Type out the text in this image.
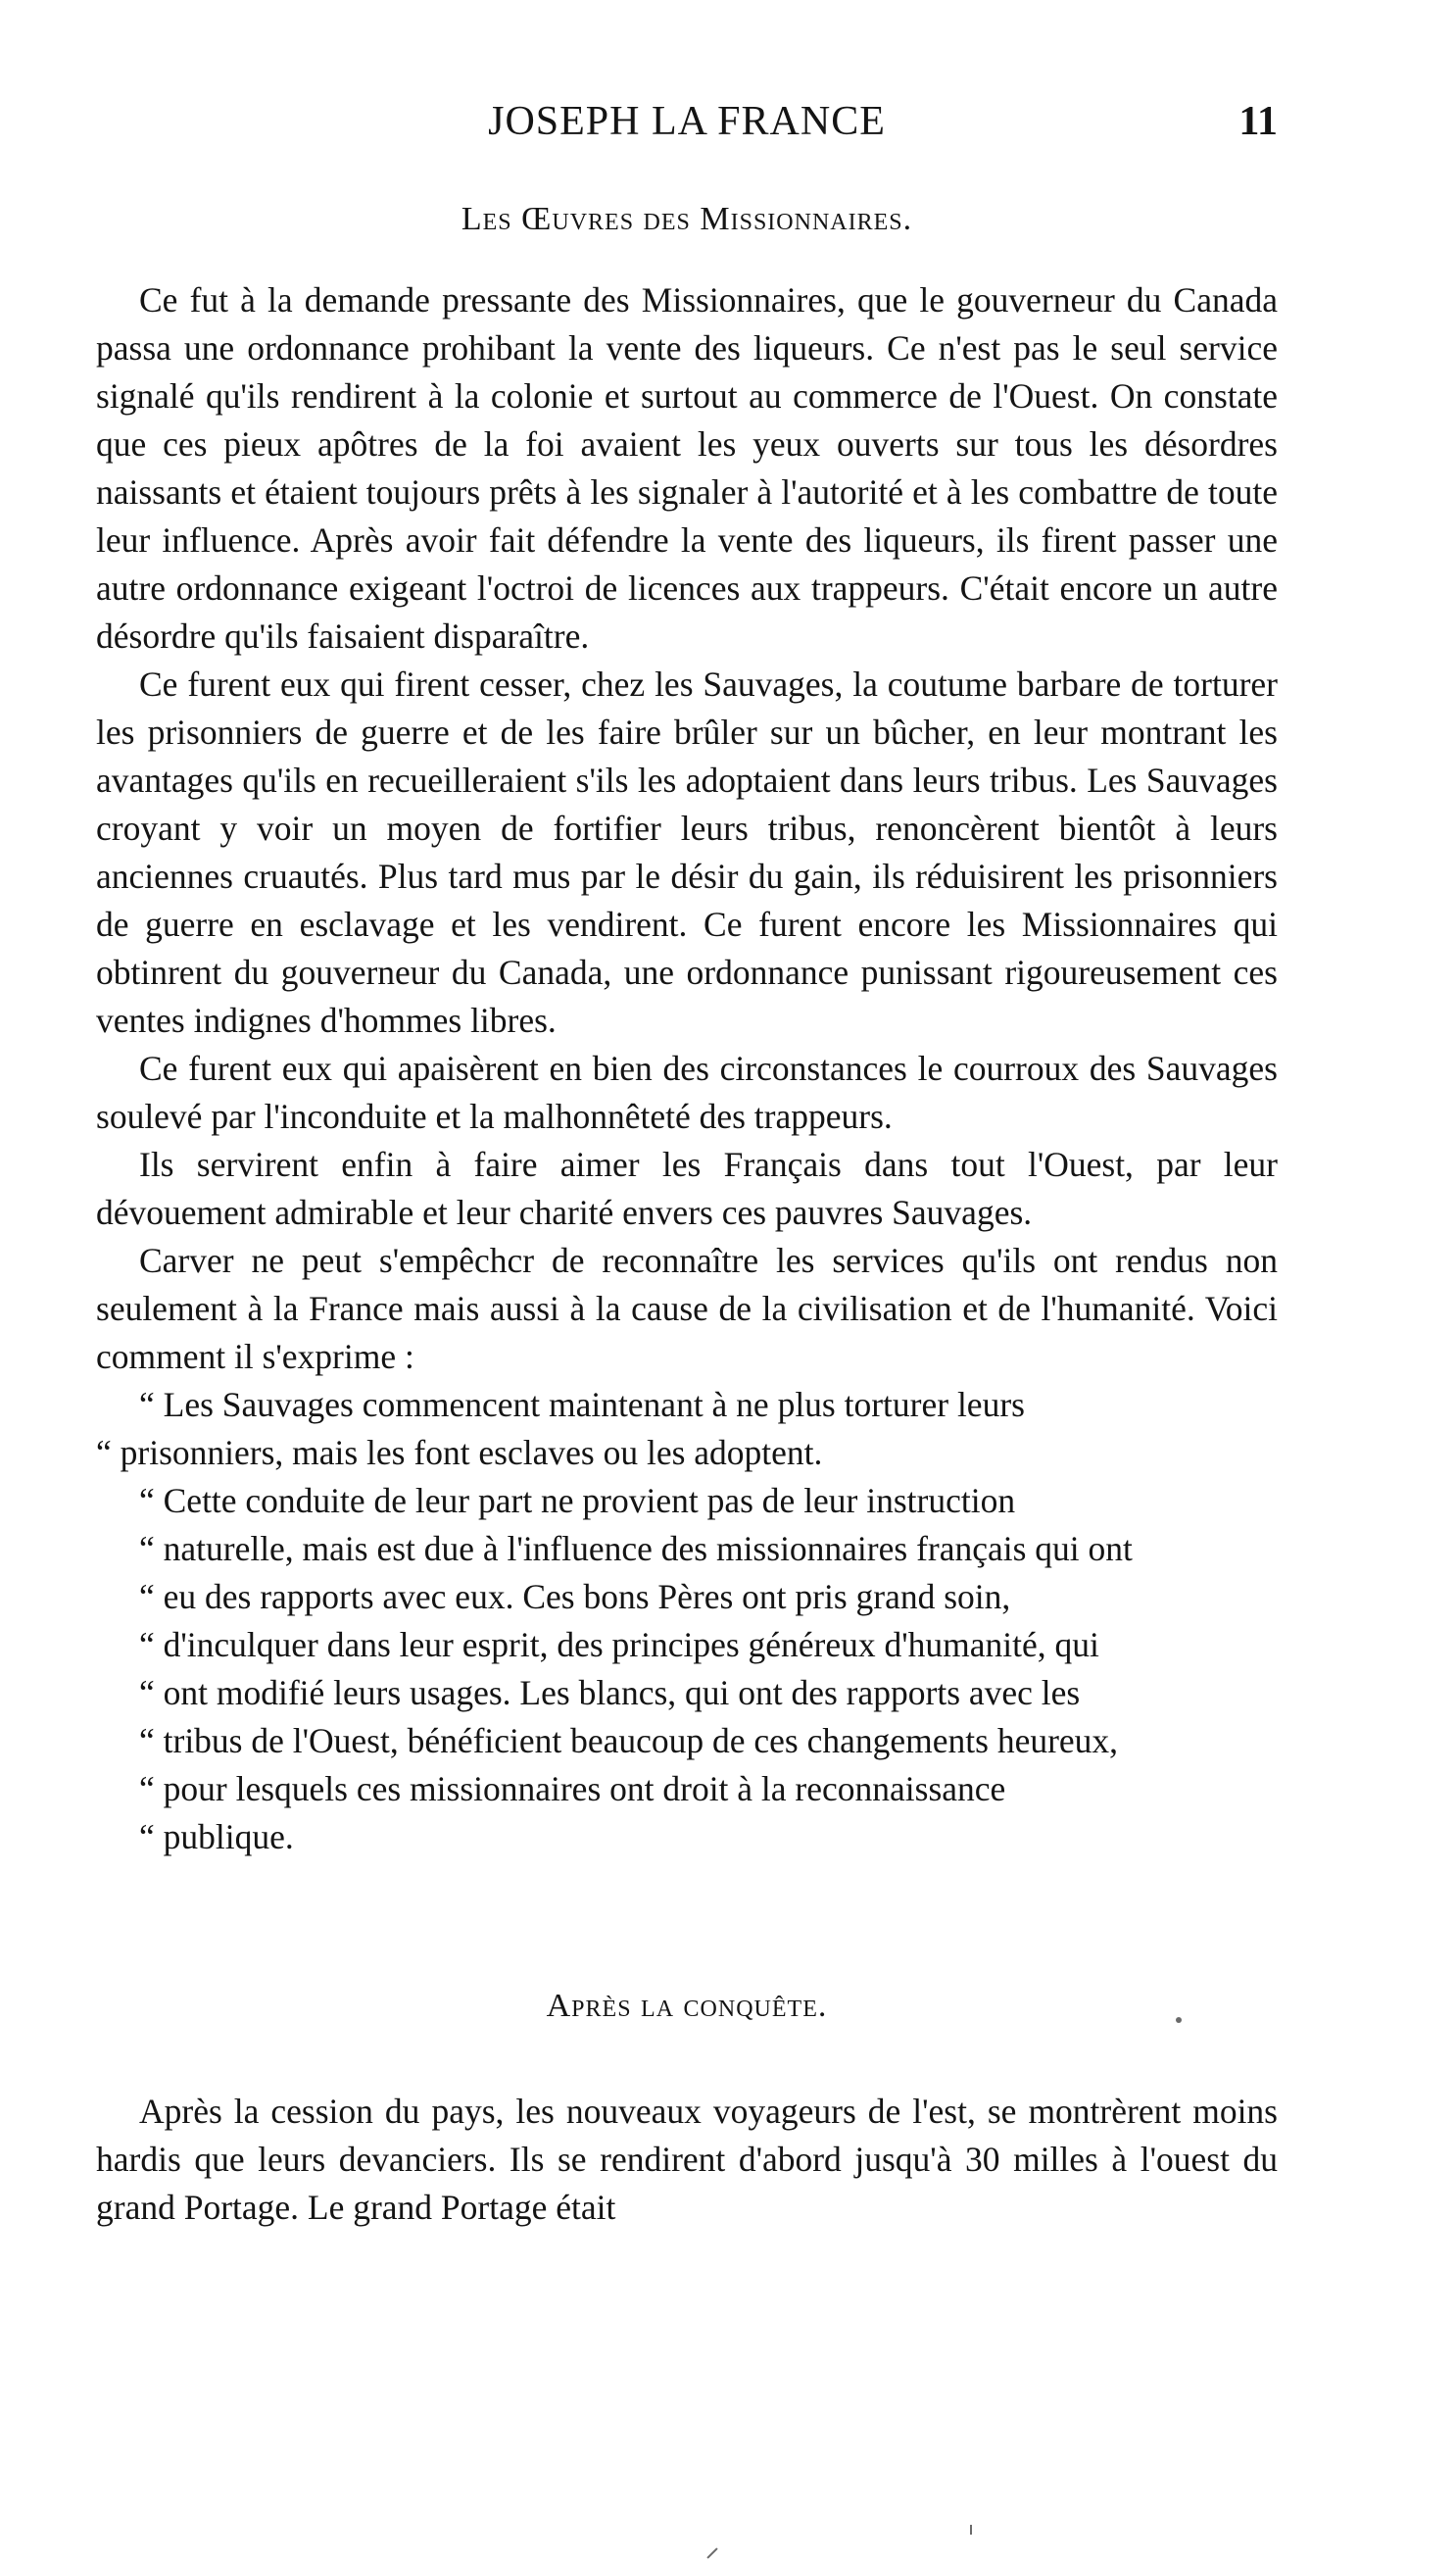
JOSEPH LA FRANCE	11
Les Œuvres des Missionnaires.

Ce fut à la demande pressante des Missionnaires, que le gouverneur du Canada passa une ordonnance prohibant la vente des liqueurs. Ce n'est pas le seul service signalé qu'ils rendirent à la colonie et surtout au commerce de l'Ouest. On constate que ces pieux apôtres de la foi avaient les yeux ouverts sur tous les désordres naissants et étaient toujours prêts à les signaler à l'autorité et à les combattre de toute leur influence. Après avoir fait défendre la vente des liqueurs, ils firent passer une autre ordonnance exigeant l'octroi de licences aux trappeurs. C'était encore un autre désordre qu'ils faisaient disparaître.

Ce furent eux qui firent cesser, chez les Sauvages, la coutume barbare de torturer les prisonniers de guerre et de les faire brûler sur un bûcher, en leur montrant les avantages qu'ils en recueilleraient s'ils les adoptaient dans leurs tribus. Les Sauvages croyant y voir un moyen de fortifier leurs tribus, renoncèrent bientôt à leurs anciennes cruautés. Plus tard mus par le désir du gain, ils réduisirent les prisonniers de guerre en esclavage et les vendirent. Ce furent encore les Missionnaires qui obtinrent du gouverneur du Canada, une ordonnance punissant rigoureusement ces ventes indignes d'hommes libres.

Ce furent eux qui apaisèrent en bien des circonstances le courroux des Sauvages soulevé par l'inconduite et la malhonnêteté des trappeurs.

Ils servirent enfin à faire aimer les Français dans tout l'Ouest, par leur dévouement admirable et leur charité envers ces pauvres Sauvages.

Carver ne peut s'empêchcr de reconnaître les services qu'ils ont rendus non seulement à la France mais aussi à la cause de la civilisation et de l'humanité. Voici comment il s'exprime :

“ Les Sauvages commencent maintenant à ne plus torturer leurs
“ prisonniers, mais les font esclaves ou les adoptent.

“ Cette conduite de leur part ne provient pas de leur instruction
“ naturelle, mais est due à l'influence des missionnaires français qui ont
“ eu des rapports avec eux. Ces bons Pères ont pris grand soin,
“ d'inculquer dans leur esprit, des principes généreux d'humanité, qui
“ ont modifié leurs usages. Les blancs, qui ont des rapports avec les
“ tribus de l'Ouest, bénéficient beaucoup de ces changements heureux,
“ pour lesquels ces missionnaires ont droit à la reconnaissance
“ publique.

Après la conquête.

Après la cession du pays, les nouveaux voyageurs de l'est, se montrèrent moins hardis que leurs devanciers. Ils se rendirent d'abord jusqu'à 30 milles à l'ouest du grand Portage. Le grand Portage était
